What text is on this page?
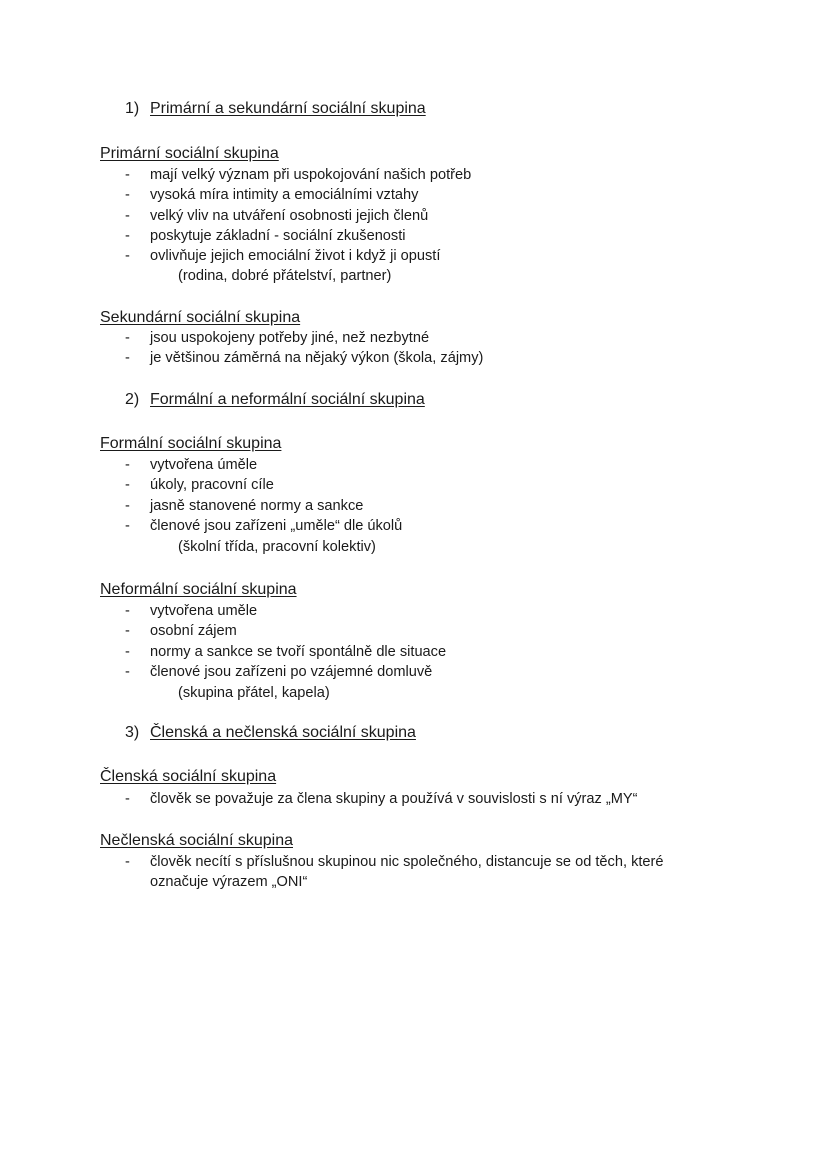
1) Primární a sekundární sociální skupina
Primární sociální skupina
- mají velký význam při uspokojování našich potřeb
- vysoká míra intimity a emociálními vztahy
- velký vliv na utváření osobnosti jejich členů
- poskytuje základní - sociální zkušenosti
- ovlivňuje jejich emociální život i když ji opustí
(rodina, dobré přátelství, partner)
Sekundární sociální skupina
- jsou uspokojeny potřeby jiné, než nezbytné
- je většinou záměrná na nějaký výkon (škola, zájmy)
2) Formální a neformální sociální skupina
Formální sociální skupina
- vytvořena úměle
- úkoly, pracovní cíle
- jasně stanovené normy a sankce
- členové jsou zařízeni „uměle“ dle úkolů
(školní třída, pracovní kolektiv)
Neformální sociální skupina
- vytvořena uměle
- osobní zájem
- normy a sankce se tvoří spontálně dle situace
- členové jsou zařízeni po vzájemné domluvě
(skupina přátel, kapela)
3) Členská a nečlenská sociální skupina
Členská sociální skupina
- člověk se považuje za člena skupiny a používá v souvislosti s ní výraz „MY“
Nečlenská sociální skupina
- člověk necítí s příslušnou skupinou nic společného, distancuje se od těch, které označuje výrazem „ONI“
